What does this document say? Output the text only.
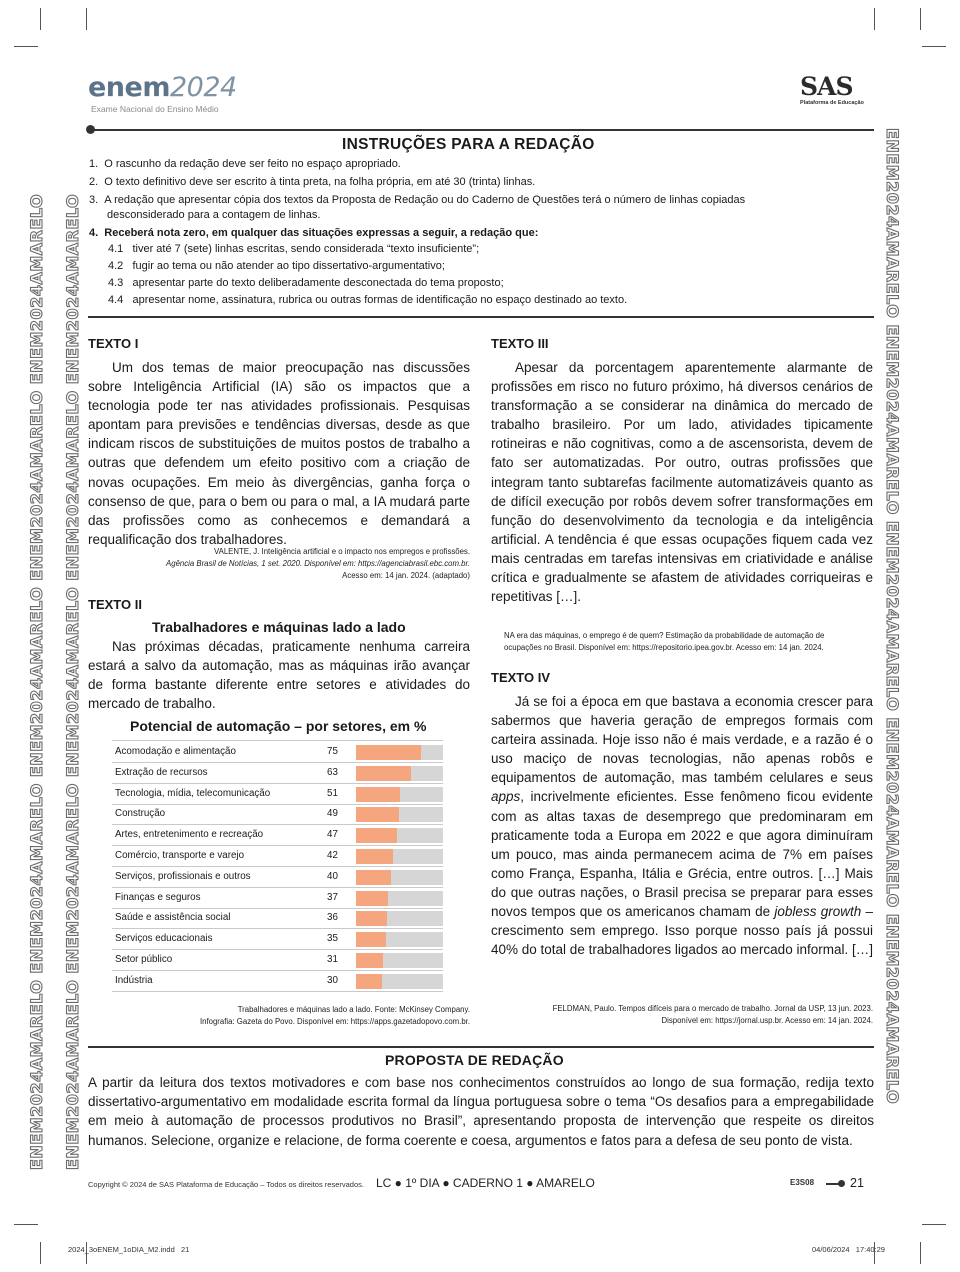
enem2024
Exame Nacional do Ensino Médio
SAS
Plataforma de Educação
ENEM2024AMARELO ENEM2024AMARELO ENEM2024AMARELO ENEM2024AMARELO ENEM2024AMARELO ENEM2024AMARELO ENEM2024AMARELO ENEM2024AMARELO ENEM2024AMARELO ENEM2024AMARELO	ENEM2024AMARELO ENEM2024AMARELO ENEM2024AMARELO ENEM2024AMARELO ENEM2024AMARELO
INSTRUÇÕES PARA A REDAÇÃO
1.  O rascunho da redação deve ser feito no espaço apropriado.
2.  O texto definitivo deve ser escrito à tinta preta, na folha própria, em até 30 (trinta) linhas.
3.  A redação que apresentar cópia dos textos da Proposta de Redação ou do Caderno de Questões terá o número de linhas copiadas
desconsiderado para a contagem de linhas.
4.  Receberá nota zero, em qualquer das situações expressas a seguir, a redação que:
4.1   tiver até 7 (sete) linhas escritas, sendo considerada “texto insuficiente”;
4.2   fugir ao tema ou não atender ao tipo dissertativo-argumentativo;
4.3   apresentar parte do texto deliberadamente desconectada do tema proposto;
4.4   apresentar nome, assinatura, rubrica ou outras formas de identificação no espaço destinado ao texto.
TEXTO I
Um dos temas de maior preocupação nas discussões sobre Inteligência Artificial (IA) são os impactos que a tecnologia pode ter nas atividades profissionais. Pesquisas apontam para previsões e tendências diversas, desde as que indicam riscos de substituições de muitos postos de trabalho a outras que defendem um efeito positivo com a criação de novas ocupações. Em meio às divergências, ganha força o consenso de que, para o bem ou para o mal, a IA mudará parte das profissões como as conhecemos e demandará a requalificação dos trabalhadores.
VALENTE, J. Inteligência artificial e o impacto nos empregos e profissões.
Agência Brasil de Notícias, 1 set. 2020. Disponível em: https://agenciabrasil.ebc.com.br.
Acesso em: 14 jan. 2024. (adaptado)
TEXTO II
Trabalhadores e máquinas lado a lado
Nas próximas décadas, praticamente nenhuma carreira estará a salvo da automação, mas as máquinas irão avançar de forma bastante diferente entre setores e atividades do mercado de trabalho.
Potencial de automação – por setores, em %
Acomodação e alimentação	75
Extração de recursos	63
Tecnologia, mídia, telecomunicação	51
Construção	49
Artes, entretenimento e recreação	47
Comércio, transporte e varejo	42
Serviços, profissionais e outros	40
Finanças e seguros	37
Saúde e assistência social	36
Serviços educacionais	35
Setor público	31
Indústria	30
Trabalhadores e máquinas lado a lado. Fonte: McKinsey Company.
Infografia: Gazeta do Povo. Disponível em: https://apps.gazetadopovo.com.br.
TEXTO III
Apesar da porcentagem aparentemente alarmante de profissões em risco no futuro próximo, há diversos cenários de transformação a se considerar na dinâmica do mercado de trabalho brasileiro. Por um lado, atividades tipicamente rotineiras e não cognitivas, como a de ascensorista, devem de fato ser automatizadas. Por outro, outras profissões que integram tanto subtarefas facilmente automatizáveis quanto as de difícil execução por robôs devem sofrer transformações em função do desenvolvimento da tecnologia e da inteligência artificial. A tendência é que essas ocupações fiquem cada vez mais centradas em tarefas intensivas em criatividade e análise crítica e gradualmente se afastem de atividades corriqueiras e repetitivas […].
NA era das máquinas, o emprego é de quem? Estimação da probabilidade de automação de
ocupações no Brasil. Disponível em: https://repositorio.ipea.gov.br. Acesso em: 14 jan. 2024.
TEXTO IV
Já se foi a época em que bastava a economia crescer para sabermos que haveria geração de empregos formais com carteira assinada. Hoje isso não é mais verdade, e a razão é o uso maciço de novas tecnologias, não apenas robôs e equipamentos de automação, mas também celulares e seus apps, incrivelmente eficientes. Esse fenômeno ficou evidente com as altas taxas de desemprego que predominaram em praticamente toda a Europa em 2022 e que agora diminuíram um pouco, mas ainda permanecem acima de 7% em países como França, Espanha, Itália e Grécia, entre outros. […] Mais do que outras nações, o Brasil precisa se preparar para esses novos tempos que os americanos chamam de jobless growth – crescimento sem emprego. Isso porque nosso país já possui 40% do total de trabalhadores ligados ao mercado informal. […]
FELDMAN, Paulo. Tempos difíceis para o mercado de trabalho. Jornal da USP, 13 jun. 2023.
Disponível em: https://jornal.usp.br. Acesso em: 14 jan. 2024.
PROPOSTA DE REDAÇÃO
A partir da leitura dos textos motivadores e com base nos conhecimentos construídos ao longo de sua formação, redija texto dissertativo-argumentativo em modalidade escrita formal da língua portuguesa sobre o tema “Os desafios para a empregabilidade em meio à automação de processos produtivos no Brasil”, apresentando proposta de intervenção que respeite os direitos humanos. Selecione, organize e relacione, de forma coerente e coesa, argumentos e fatos para a defesa de seu ponto de vista.
Copyright © 2024 de SAS Plataforma de Educação – Todos os direitos reservados. LC ● 1º DIA ● CADERNO 1 ● AMARELO	E3S08	21
2024_3oENEM_1oDIA_M2.indd   21	04/06/2024   17:40:29
